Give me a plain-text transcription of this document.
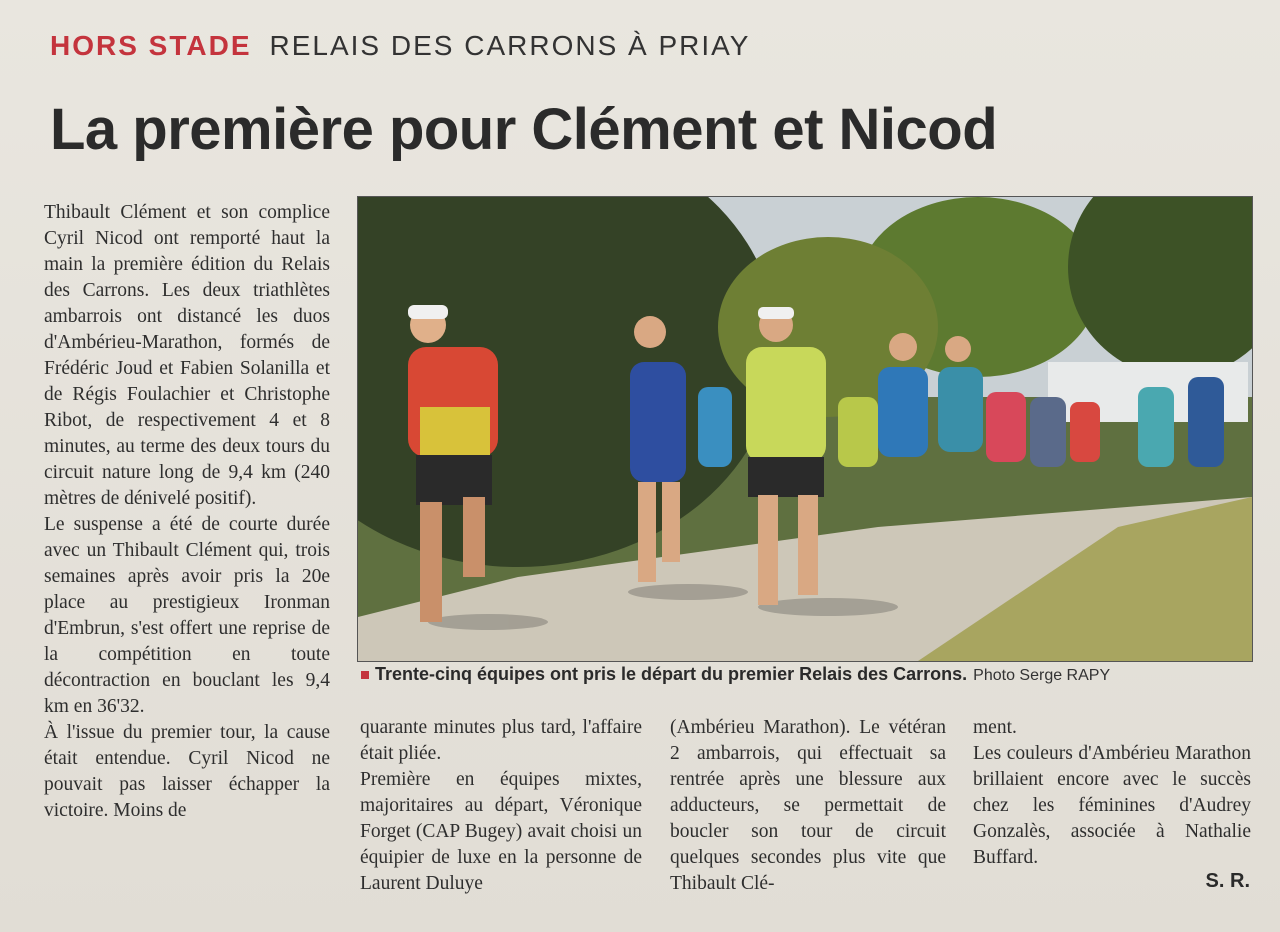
HORS STADE RELAIS DES CARRONS À PRIAY
La première pour Clément et Nicod

Thibault Clément et son complice Cyril Nicod ont remporté haut la main la première édition du Relais des Carrons. Les deux triathlètes ambarrois ont distancé les duos d'Ambérieu-Marathon, formés de Frédéric Joud et Fabien Solanilla et de Régis Foulachier et Christophe Ribot, de respectivement 4 et 8 minutes, au terme des deux tours du circuit nature long de 9,4 km (240 mètres de dénivelé positif).

Le suspense a été de courte durée avec un Thibault Clément qui, trois semaines après avoir pris la 20e place au prestigieux Ironman d'Embrun, s'est offert une reprise de la compétition en toute décontraction en bouclant les 9,4 km en 36'32.

À l'issue du premier tour, la cause était entendue. Cyril Nicod ne pouvait pas laisser échapper la victoire. Moins de

Trente-cinq équipes ont pris le départ du premier Relais des Carrons. Photo Serge RAPY

quarante minutes plus tard, l'affaire était pliée.

Première en équipes mixtes, majoritaires au départ, Véronique Forget (CAP Bugey) avait choisi un équipier de luxe en la personne de Laurent Duluye

(Ambérieu Marathon). Le vétéran 2 ambarrois, qui effectuait sa rentrée après une blessure aux adducteurs, se permettait de boucler son tour de circuit quelques secondes plus vite que Thibault Clé-

ment.

Les couleurs d'Ambérieu Marathon brillaient encore avec le succès chez les féminines d'Audrey Gonzalès, associée à Nathalie Buffard.

S. R.
